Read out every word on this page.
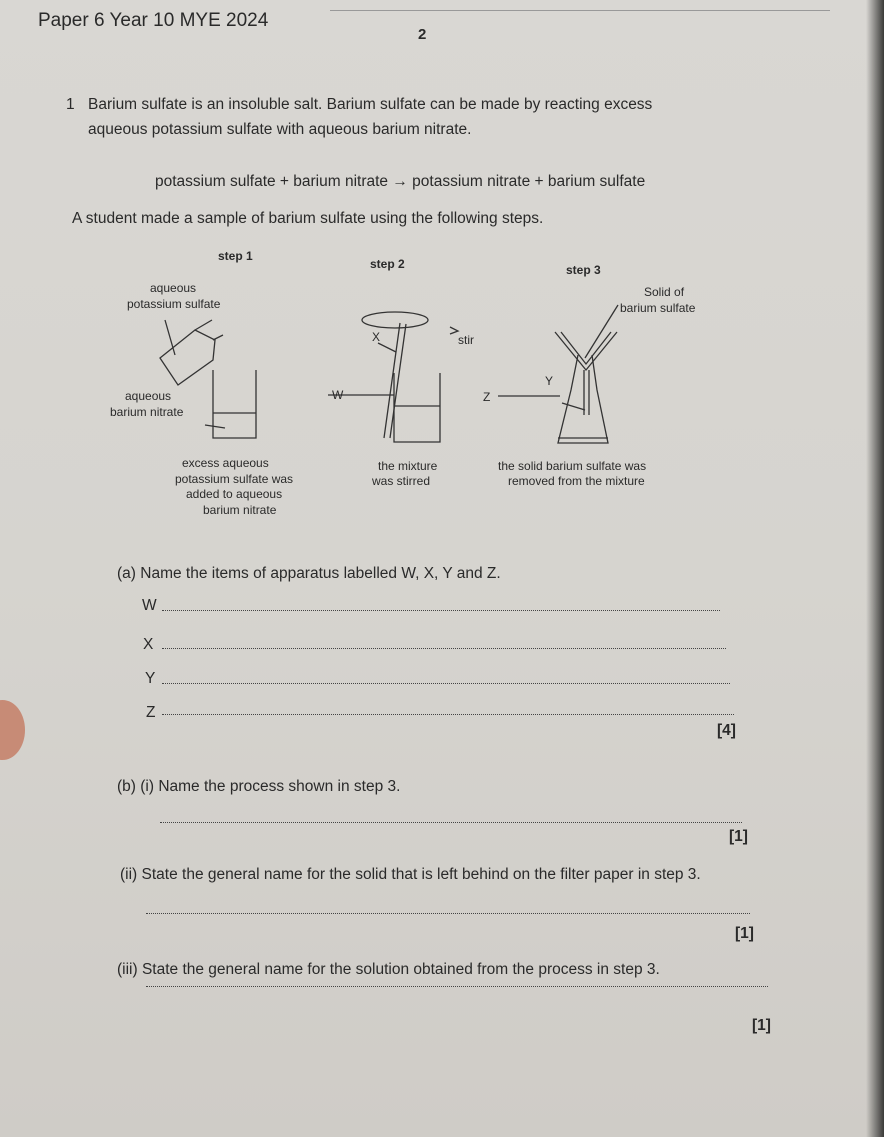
Paper 6 Year 10 MYE 2024
2
1 Barium sulfate is an insoluble salt. Barium sulfate can be made by reacting excess
aqueous potassium sulfate with aqueous barium nitrate.
potassium sulfate + barium nitrate → potassium nitrate + barium sulfate
A student made a sample of barium sulfate using the following steps.
step 1
aqueous
potassium sulfate
aqueous
barium nitrate
excess aqueous
potassium sulfate was
added to aqueous
barium nitrate
step 2
X	stir
W
the mixture
was stirred
step 3
Solid of
barium sulfate
Y
Z
the solid barium sulfate was
removed from the mixture
(a) Name the items of apparatus labelled W, X, Y and Z.
W
X
Y
Z
[4]
(b) (i) Name the process shown in step 3.
[1]
(ii) State the general name for the solid that is left behind on the filter paper in step 3.
[1]
(iii) State the general name for the solution obtained from the process in step 3.
[1]
